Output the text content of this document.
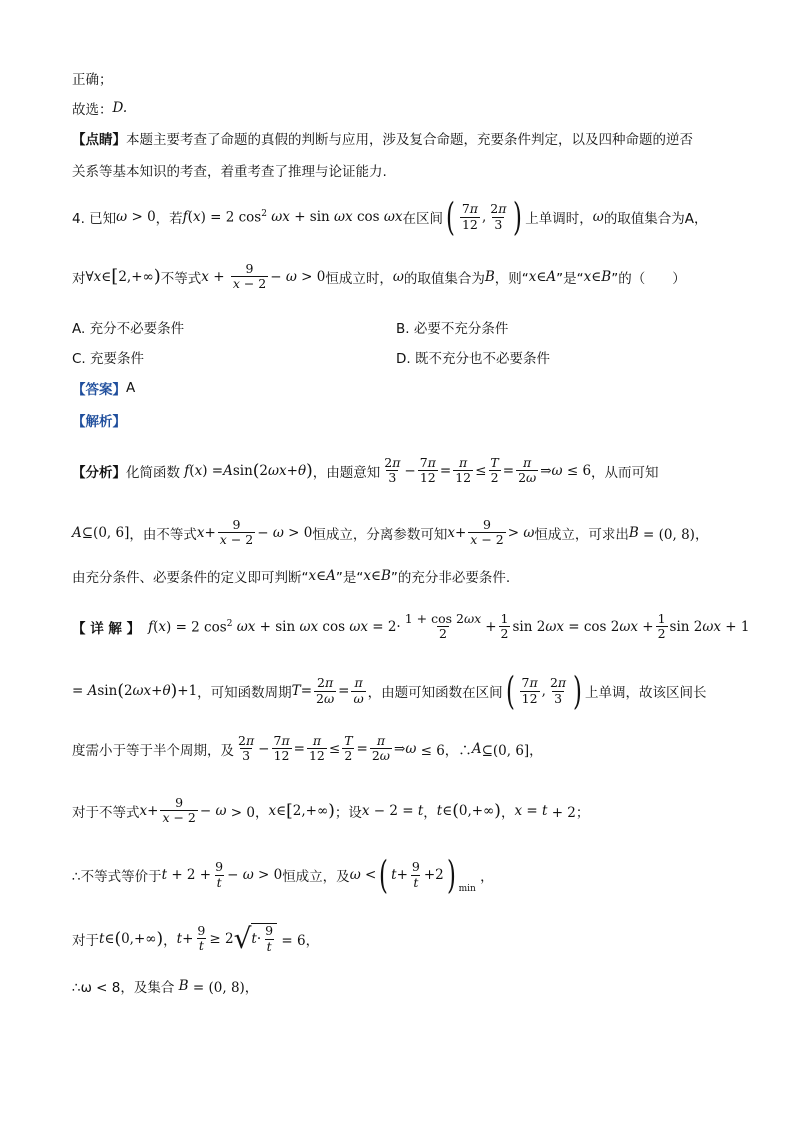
正确；
故选： D.
【点睛】 本题主要考查了命题的真假的判断与应用，涉及复合命题，充要条件判定，以及四种命题的逆否
关系等基本知识的考查，着重考查了推理与论证能力.
4. 已知 ω > 0 ，若 f ( x ) = 2 $\cos^2 \omega x + \sin \omega x$ cos ωx 在区间 ( $\frac{7\pi}{12}$ , $\frac{2\pi}{3}$ ) 上单调时， ω 的取值集合为A，
对 ∀ x ∈ [ 2,+∞ ) 不等式 $x + \frac{9}{x - 2} - \omega > 0$ 恒成立时， ω 的取值集合为 B ，则“ x ∈ A ”是“ x ∈ B ”的（　　）
A. 充分不必要条件	B. 必要不充分条件
C. 充要条件	D. 既不充分也不必要条件
【答案】 A
【解析】
【分析】 化简函数 f ( x ) = A sin ( 2 ωx + θ ) ，由题意知 $\frac{2\pi}{3} - \frac{7\pi}{12} = \frac{\pi}{12} \le \frac{T}{2} = \frac{\pi}{2\omega}$ ⇒ ω ≤ 6 ，从而可知
A ⊆(0, 6] ，由不等式 $x + \frac{9}{x - 2} - \omega > 0$ 恒成立，分离参数可知 $x + \frac{9}{x - 2} > \omega$ 恒成立，可求出 B = (0, 8)，
由充分条件、必要条件的定义即可判断“ x ∈ A ”是“ x ∈ B ”的充分非必要条件.
【 详 解 】 f ( x ) = 2 $\cos^2 \omega x + \sin \omega x$ $\cos \omega x = 2\cdot \frac{1 + \cos 2\omega x}{2} + \frac{1}{2}$ sin 2 ωx = cos 2 $\omega x + \frac{1}{2}$ sin 2 ωx + 1
= A sin ( 2 ωx + θ ) +1 ，可知函数周期 $T = \frac{2\pi}{2\omega} = \frac{\pi}{\omega}$ ，由题可知函数在区间 ( $\frac{7\pi}{12}$ , $\frac{2\pi}{3}$ ) 上单调，故该区间长
度需小于等于半个周期，及 $\frac{2\pi}{3} - \frac{7\pi}{12} = \frac{\pi}{12} \le \frac{T}{2} = \frac{\pi}{2\omega}$ ⇒ ω ≤ 6，∴ A ⊆(0, 6]，
对于不等式 $x + \frac{9}{x - 2} - \omega > 0$， x ∈ [ 2,+∞ ) ；设 x − 2 = t ， t ∈ ( 0,+∞ ) ， x = t + 2；
∴不等式等价于 $t + 2 + \frac{9}{t} - \omega > 0$ 恒成立，及 ω < ( $t + \frac{9}{t} +2$ ) min
，
对于 t ∈ ( 0,+∞ ) ， $t + \frac{9}{t} \ge 2$ √ $t \cdot \frac{9}{t} = 6$，
∴ω < 8，及集合 B = (0, 8)，
